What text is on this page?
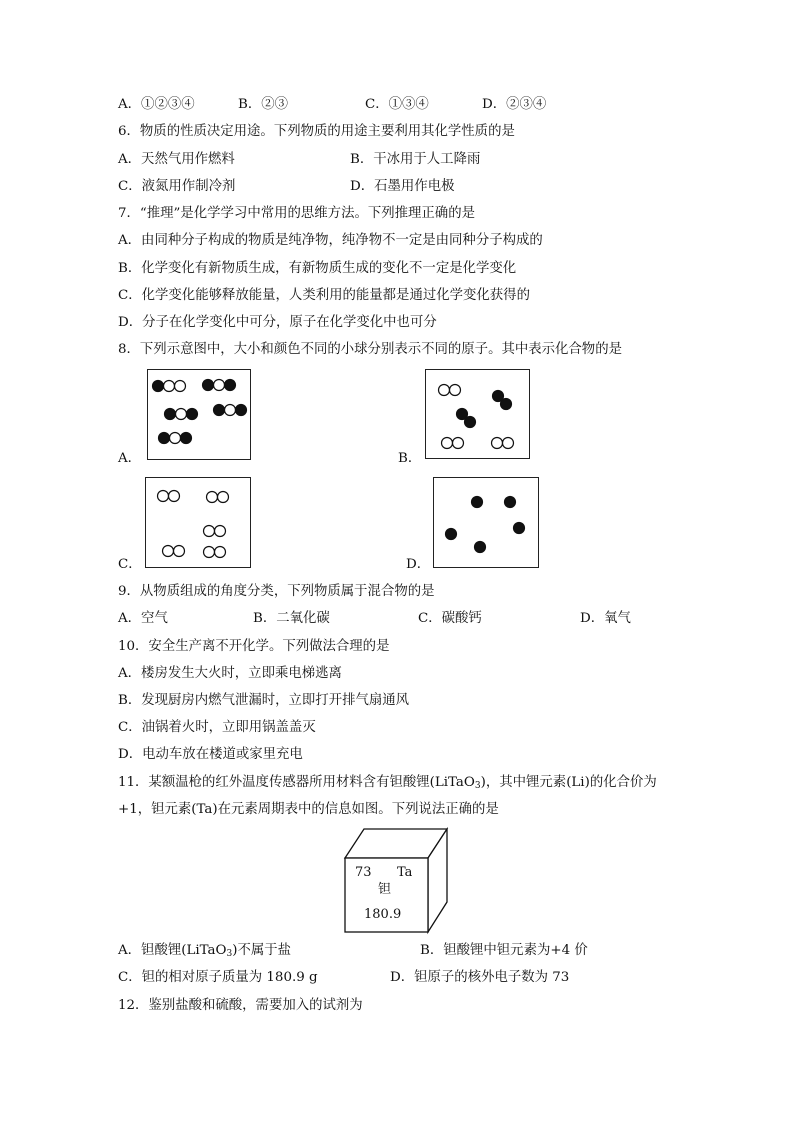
A．①②③④	B．②③	C．①③④	D．②③④
6．物质的性质决定用途。下列物质的用途主要利用其化学性质的是
A．天然气用作燃料	B．干冰用于人工降雨
C．液氮用作制冷剂	D．石墨用作电极
7．“推理”是化学学习中常用的思维方法。下列推理正确的是
A．由同种分子构成的物质是纯净物，纯净物不一定是由同种分子构成的
B．化学变化有新物质生成，有新物质生成的变化不一定是化学变化
C．化学变化能够释放能量，人类利用的能量都是通过化学变化获得的
D．分子在化学变化中可分，原子在化学变化中也可分
8．下列示意图中，大小和颜色不同的小球分别表示不同的原子。其中表示化合物的是
A．	B．
C．	D．
9．从物质组成的角度分类，下列物质属于混合物的是
A．空气	B．二氧化碳	C．碳酸钙	D．氧气
10．安全生产离不开化学。下列做法合理的是
A．楼房发生大火时，立即乘电梯逃离
B．发现厨房内燃气泄漏时，立即打开排气扇通风
C．油锅着火时，立即用锅盖盖灭
D．电动车放在楼道或家里充电
11．某额温枪的红外温度传感器所用材料含有钽酸锂(LiTaO$_3$)，其中锂元素(Li)的化合价为
+1，钽元素(Ta)在元素周期表中的信息如图。下列说法正确的是
73 Ta
钽
180.9
A．钽酸锂(LiTaO$_3$)不属于盐	B．钽酸锂中钽元素为+4 价
C．钽的相对原子质量为 180.9 g	D．钽原子的核外电子数为 73
12．鉴别盐酸和硫酸，需要加入的试剂为
